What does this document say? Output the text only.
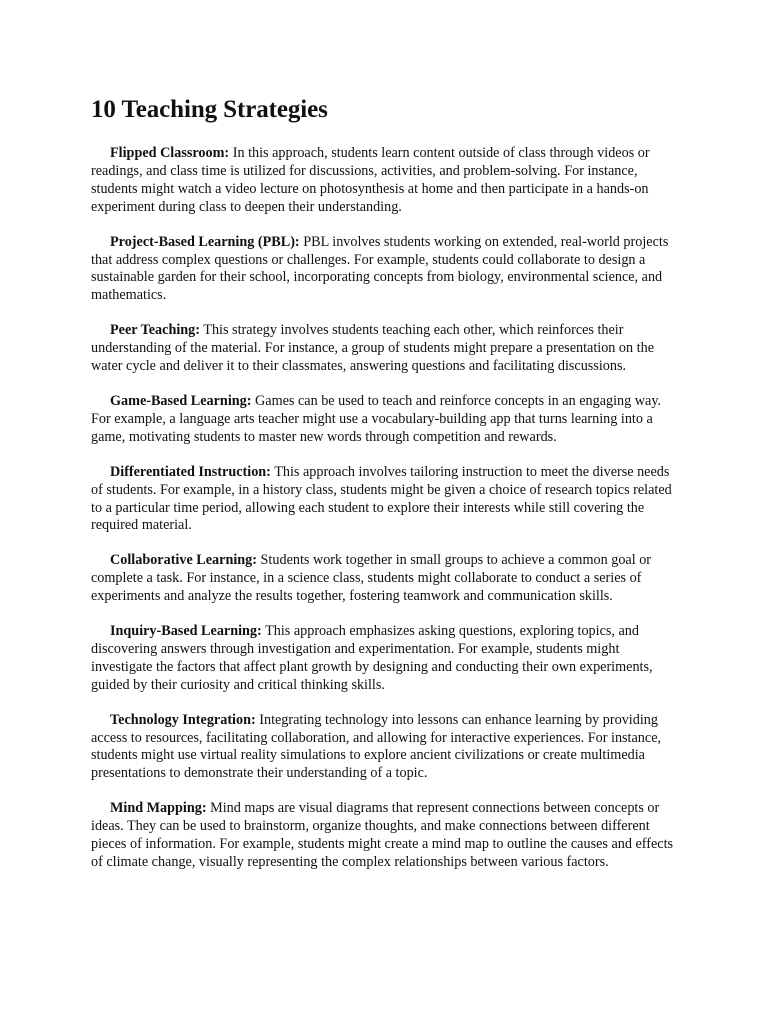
10 Teaching Strategies

Flipped Classroom: In this approach, students learn content outside of class through videos or readings, and class time is utilized for discussions, activities, and problem-solving. For instance, students might watch a video lecture on photosynthesis at home and then participate in a hands-on experiment during class to deepen their understanding.

Project-Based Learning (PBL): PBL involves students working on extended, real-world projects that address complex questions or challenges. For example, students could collaborate to design a sustainable garden for their school, incorporating concepts from biology, environmental science, and mathematics.

Peer Teaching: This strategy involves students teaching each other, which reinforces their understanding of the material. For instance, a group of students might prepare a presentation on the water cycle and deliver it to their classmates, answering questions and facilitating discussions.

Game-Based Learning: Games can be used to teach and reinforce concepts in an engaging way. For example, a language arts teacher might use a vocabulary-building app that turns learning into a game, motivating students to master new words through competition and rewards.

Differentiated Instruction: This approach involves tailoring instruction to meet the diverse needs of students. For example, in a history class, students might be given a choice of research topics related to a particular time period, allowing each student to explore their interests while still covering the required material.

Collaborative Learning: Students work together in small groups to achieve a common goal or complete a task. For instance, in a science class, students might collaborate to conduct a series of experiments and analyze the results together, fostering teamwork and communication skills.

Inquiry-Based Learning: This approach emphasizes asking questions, exploring topics, and discovering answers through investigation and experimentation. For example, students might investigate the factors that affect plant growth by designing and conducting their own experiments, guided by their curiosity and critical thinking skills.

Technology Integration: Integrating technology into lessons can enhance learning by providing access to resources, facilitating collaboration, and allowing for interactive experiences. For instance, students might use virtual reality simulations to explore ancient civilizations or create multimedia presentations to demonstrate their understanding of a topic.

Mind Mapping: Mind maps are visual diagrams that represent connections between concepts or ideas. They can be used to brainstorm, organize thoughts, and make connections between different pieces of information. For example, students might create a mind map to outline the causes and effects of climate change, visually representing the complex relationships between various factors.
